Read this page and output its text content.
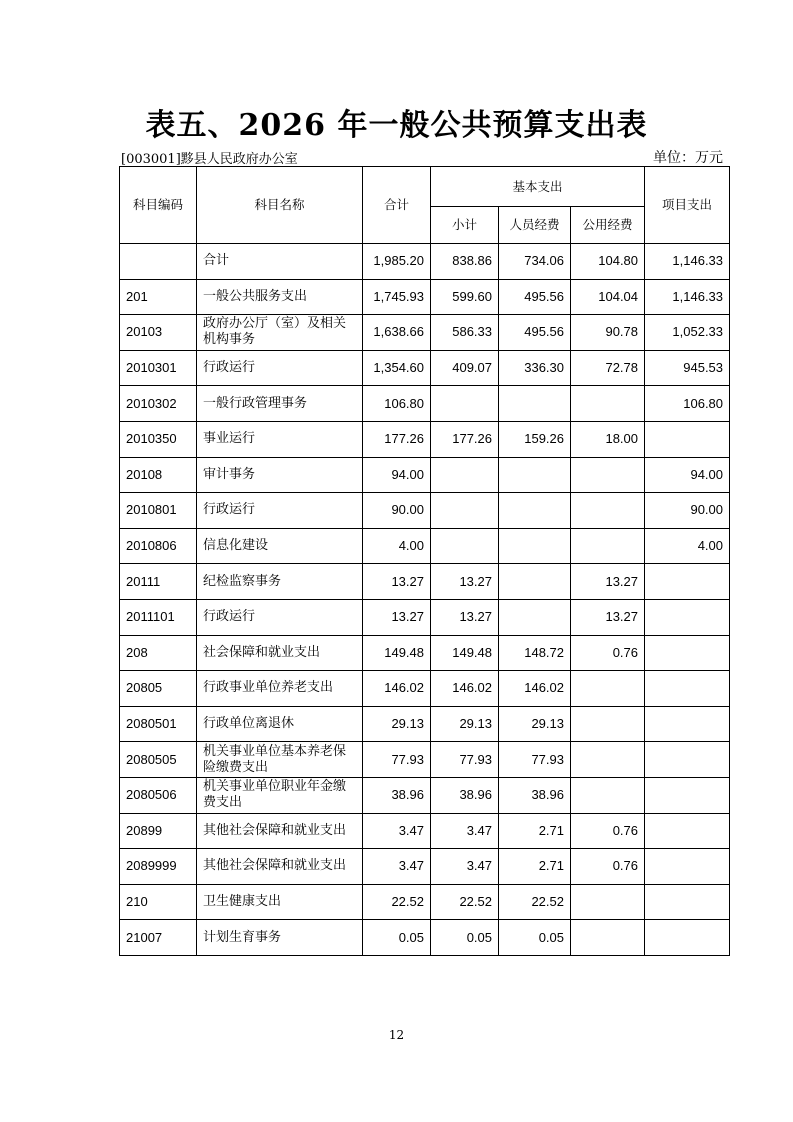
表五、2026 年一般公共预算支出表
[003001]黟县人民政府办公室	单位：万元
科目编码	科目名称	合计	基本支出			项目支出
			小计	人员经费	公用经费	
	合计	1,985.20	838.86	734.06	104.80	1,146.33
201	一般公共服务支出	1,745.93	599.60	495.56	104.04	1,146.33
20103	政府办公厅（室）及相关机构事务	1,638.66	586.33	495.56	90.78	1,052.33
2010301	行政运行	1,354.60	409.07	336.30	72.78	945.53
2010302	一般行政管理事务	106.80				106.80
2010350	事业运行	177.26	177.26	159.26	18.00	
20108	审计事务	94.00				94.00
2010801	行政运行	90.00				90.00
2010806	信息化建设	4.00				4.00
20111	纪检监察事务	13.27	13.27		13.27	
2011101	行政运行	13.27	13.27		13.27	
208	社会保障和就业支出	149.48	149.48	148.72	0.76	
20805	行政事业单位养老支出	146.02	146.02	146.02		
2080501	行政单位离退休	29.13	29.13	29.13		
2080505	机关事业单位基本养老保险缴费支出	77.93	77.93	77.93		
2080506	机关事业单位职业年金缴费支出	38.96	38.96	38.96		
20899	其他社会保障和就业支出	3.47	3.47	2.71	0.76	
2089999	其他社会保障和就业支出	3.47	3.47	2.71	0.76	
210	卫生健康支出	22.52	22.52	22.52		
21007	计划生育事务	0.05	0.05	0.05		
12
